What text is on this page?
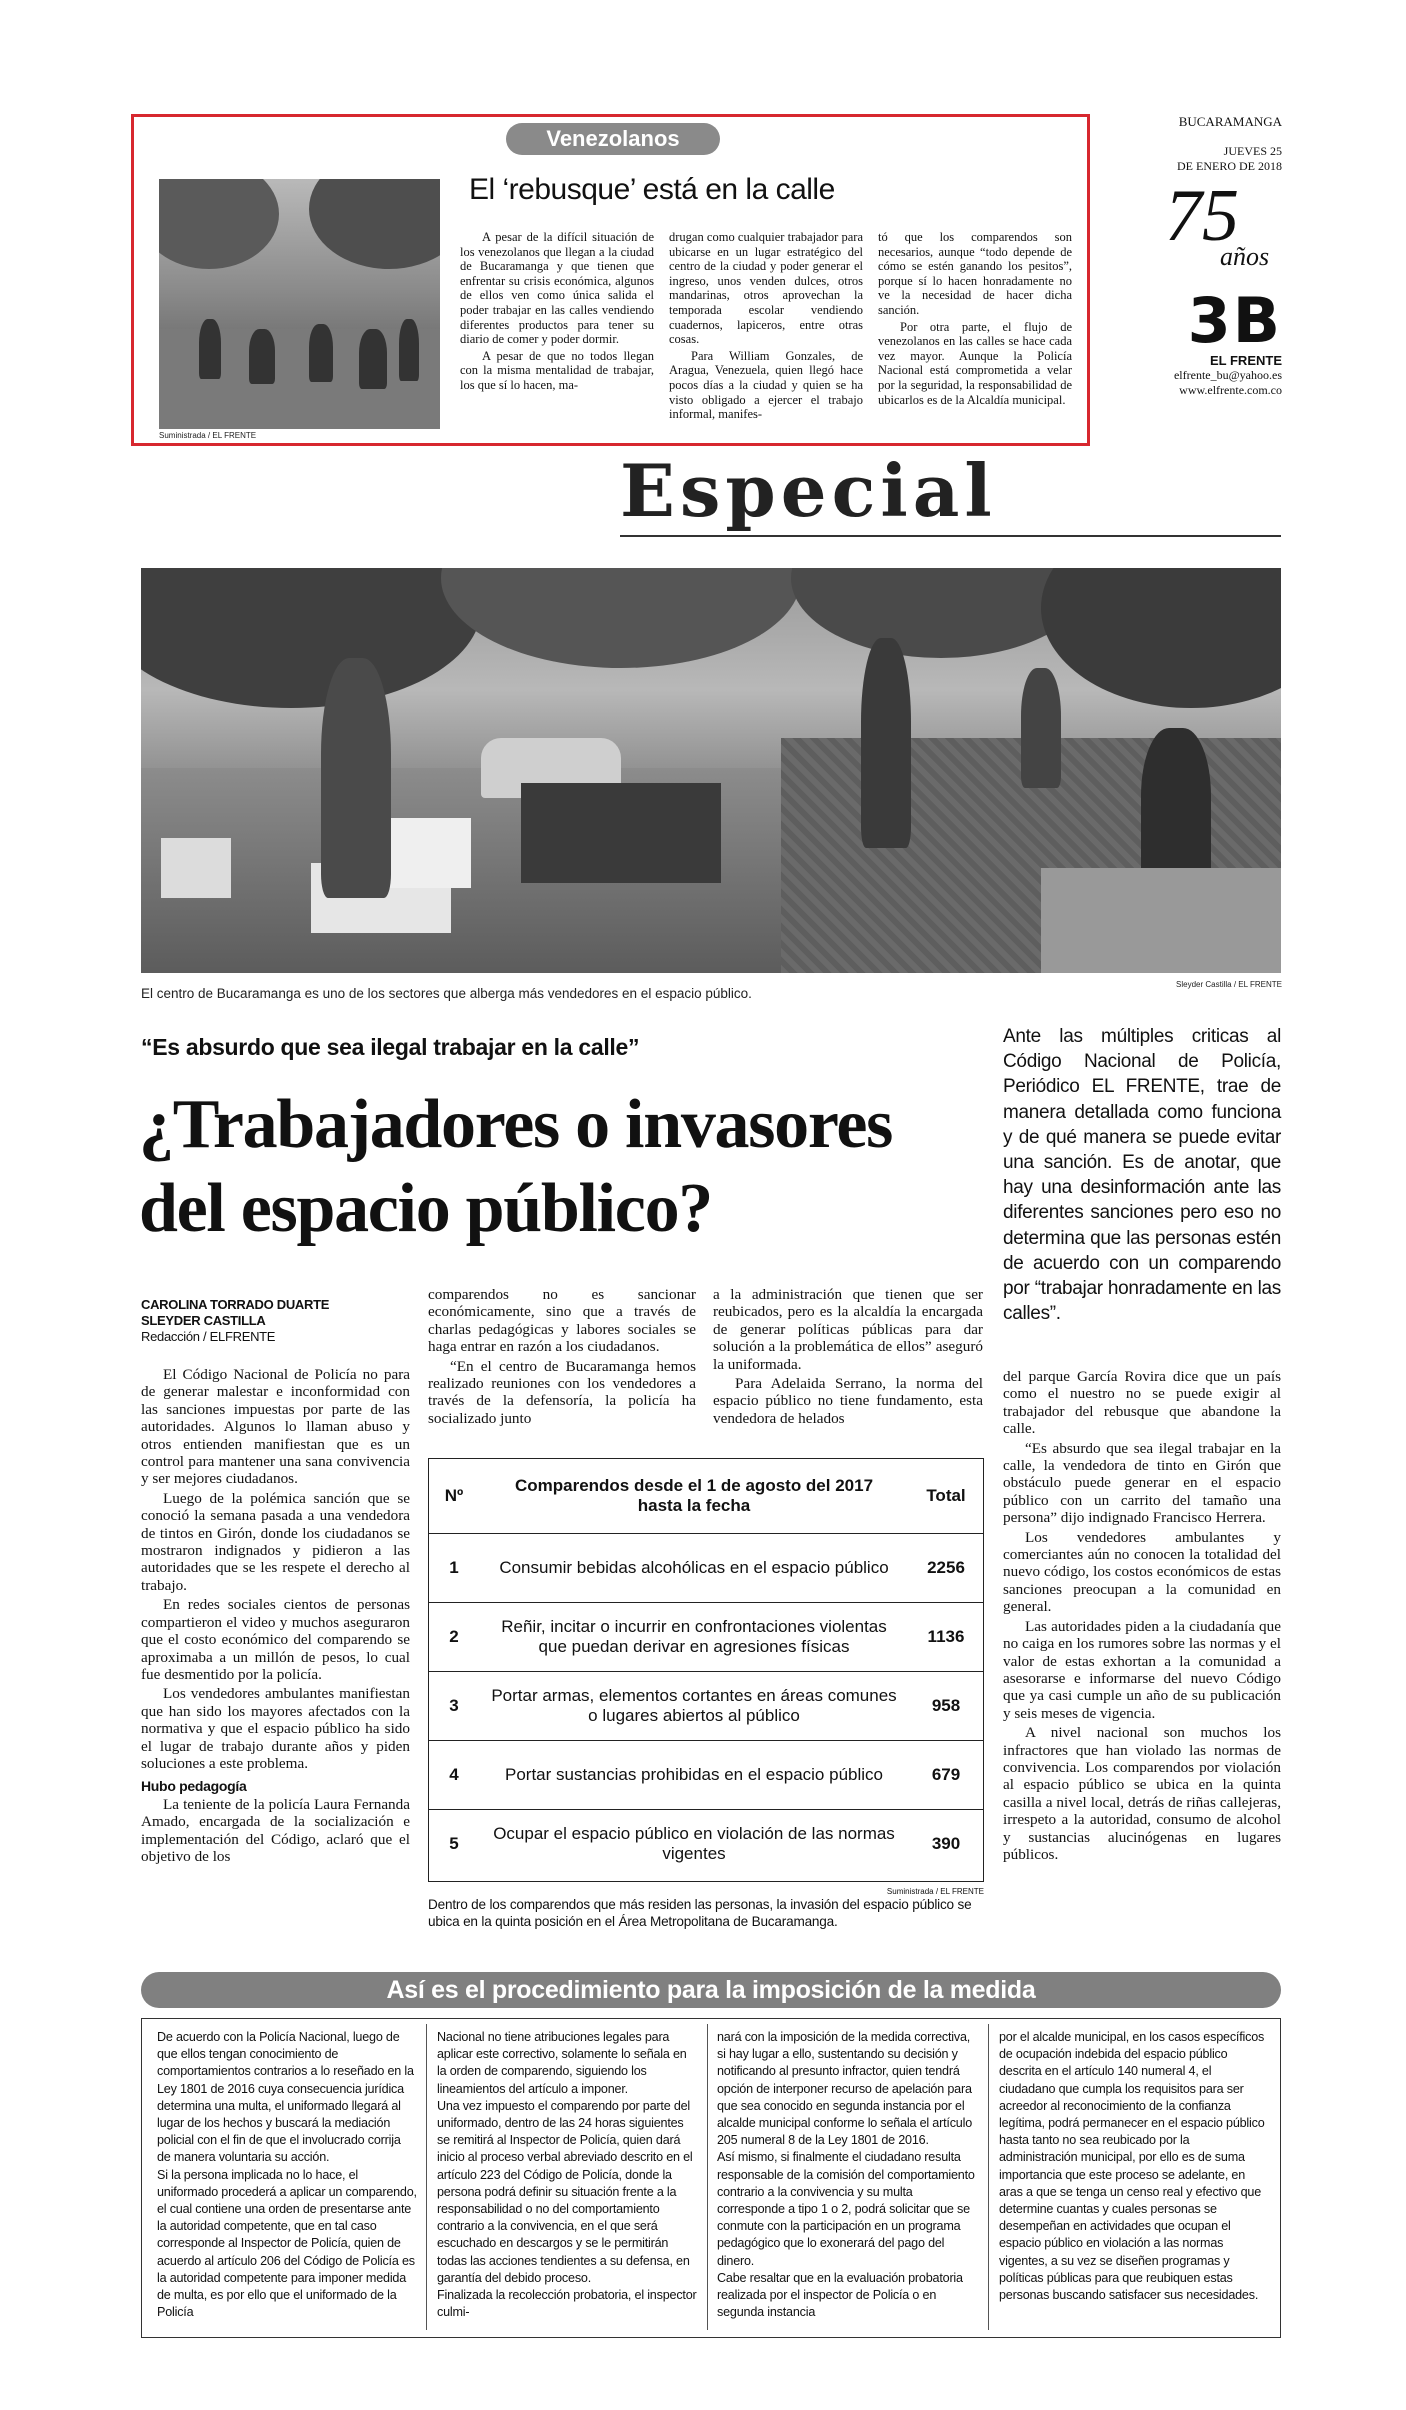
Venezolanos
Suministrada / EL FRENTE
El ‘rebusque’ está en la calle

A pesar de la difícil situación de los venezolanos que llegan a la ciudad de Bucaramanga y que tienen que enfrentar su crisis económica, algunos de ellos ven como única salida el poder trabajar en las calles vendiendo diferentes productos para tener su diario de comer y poder dormir.

A pesar de que no todos llegan con la misma mentalidad de trabajar, los que sí lo hacen, ma-

drugan como cualquier trabajador para ubicarse en un lugar estratégico del centro de la ciudad y poder generar el ingreso, unos venden dulces, otros mandarinas, otros aprovechan la temporada escolar vendiendo cuadernos, lapiceros, entre otras cosas.

Para William Gonzales, de Aragua, Venezuela, quien llegó hace pocos días a la ciudad y quien se ha visto obligado a ejercer el trabajo informal, manifes-

tó que los comparendos son necesarios, aunque “todo depende de cómo se estén ganando los pesitos”, porque sí lo hacen honradamente no ve la necesidad de hacer dicha sanción.

Por otra parte, el flujo de venezolanos en las calles se hace cada vez mayor. Aunque la Policía Nacional está comprometida a velar por la seguridad, la responsabilidad de ubicarlos es de la Alcaldía municipal.

BUCARAMANGA
JUEVES 25
DE ENERO DE 2018
75
años
3B
EL FRENTE
elfrente_bu@yahoo.es
www.elfrente.com.co
Especial
El centro de Bucaramanga es uno de los sectores que alberga más vendedores en el espacio público.
Sleyder Castilla / EL FRENTE
“Es absurdo que sea ilegal trabajar en la calle”
¿Trabajadores o invasores
del espacio público?
Ante las múltiples criticas al Código Nacional de Policía, Periódico EL FRENTE, trae de manera detallada como funciona y de qué manera se puede evitar una sanción. Es de anotar, que hay una desinformación ante las diferentes sanciones pero eso no determina que las personas estén de acuerdo con un comparendo por “trabajar honradamente en las calles”.
CAROLINA TORRADO DUARTE
SLEYDER CASTILLA
Redacción / ELFRENTE

El Código Nacional de Policía no para de generar malestar e inconformidad con las sanciones impuestas por parte de las autoridades. Algunos lo llaman abuso y otros entienden manifiestan que es un control para mantener una sana convivencia y ser mejores ciudadanos.

Luego de la polémica sanción que se conoció la semana pasada a una vendedora de tintos en Girón, donde los ciudadanos se mostraron indignados y pidieron a las autoridades que se les respete el derecho al trabajo.

En redes sociales cientos de personas compartieron el video y muchos aseguraron que el costo económico del comparendo se aproximaba a un millón de pesos, lo cual fue desmentido por la policía.

Los vendedores ambulantes manifiestan que han sido los mayores afectados con la normativa y que el espacio público ha sido el lugar de trabajo durante años y piden soluciones a este problema.

Hubo pedagogía

La teniente de la policía Laura Fernanda Amado, encargada de la socialización e implementación del Código, aclaró que el objetivo de los

comparendos no es sancionar económicamente, sino que a través de charlas pedagógicas y labores sociales se haga entrar en razón a los ciudadanos.

“En el centro de Bucaramanga hemos realizado reuniones con los vendedores a través de la defensoría, la policía ha socializado junto

a la administración que tienen que ser reubicados, pero es la alcaldía la encargada de generar políticas públicas para dar solución a la problemática de ellos” aseguró la uniformada.

Para Adelaida Serrano, la norma del espacio público no tiene fundamento, esta vendedora de helados

del parque García Rovira dice que un país como el nuestro no se puede exigir al trabajador del rebusque que abandone la calle.

“Es absurdo que sea ilegal trabajar en la calle, la vendedora de tinto en Girón que obstáculo puede generar en el espacio público con un carrito del tamaño una persona” dijo indignado Francisco Herrera.

Los vendedores ambulantes y comerciantes aún no conocen la totalidad del nuevo código, los costos económicos de estas sanciones preocupan a la comunidad en general.

Las autoridades piden a la ciudadanía que no caiga en los rumores sobre las normas y el valor de estas exhortan a la comunidad a asesorarse e informarse del nuevo Código que ya casi cumple un año de su publicación y seis meses de vigencia.

A nivel nacional son muchos los infractores que han violado las normas de convivencia. Los comparendos por violación al espacio público se ubica en la quinta casilla a nivel local, detrás de riñas callejeras, irrespeto a la autoridad, consumo de alcohol y sustancias alucinógenas en lugares públicos.

Nº	Comparendos desde el 1 de agosto del 2017 hasta la fecha	Total
1	Consumir bebidas alcohólicas en el espacio público	2256
2	Reñir, incitar o incurrir en confrontaciones violentas que puedan derivar en agresiones físicas	1136
3	Portar armas, elementos cortantes en áreas comunes o lugares abiertos al público	958
4	Portar sustancias prohibidas en el espacio público	679
5	Ocupar el espacio público en violación de las normas vigentes	390
Suministrada / EL FRENTE
Dentro de los comparendos que más residen las personas, la invasión del espacio público se ubica en la quinta posición en el Área Metropolitana de Bucaramanga.
Así es el procedimiento para la imposición de la medida

De acuerdo con la Policía Nacional, luego de que ellos tengan conocimiento de comportamientos contrarios a lo reseñado en la Ley 1801 de 2016 cuya consecuencia jurídica determina una multa, el uniformado llegará al lugar de los hechos y buscará la mediación policial con el fin de que el involucrado corrija de manera voluntaria su acción.

Si la persona implicada no lo hace, el uniformado procederá a aplicar un comparendo, el cual contiene una orden de presentarse ante la autoridad competente, que en tal caso corresponde al Inspector de Policía, quien de acuerdo al artículo 206 del Código de Policía es la autoridad competente para imponer medida de multa, es por ello que el uniformado de la Policía

Nacional no tiene atribuciones legales para aplicar este correctivo, solamente lo señala en la orden de comparendo, siguiendo los lineamientos del artículo a imponer.

Una vez impuesto el comparendo por parte del uniformado, dentro de las 24 horas siguientes se remitirá al Inspector de Policía, quien dará inicio al proceso verbal abreviado descrito en el artículo 223 del Código de Policía, donde la persona podrá definir su situación frente a la responsabilidad o no del comportamiento contrario a la convivencia, en el que será escuchado en descargos y se le permitirán todas las acciones tendientes a su defensa, en garantía del debido proceso.

Finalizada la recolección probatoria, el inspector culmi-

nará con la imposición de la medida correctiva, si hay lugar a ello, sustentando su decisión y notificando al presunto infractor, quien tendrá opción de interponer recurso de apelación para que sea conocido en segunda instancia por el alcalde municipal conforme lo señala el artículo 205 numeral 8 de la Ley 1801 de 2016.

Así mismo, si finalmente el ciudadano resulta responsable de la comisión del comportamiento contrario a la convivencia y su multa corresponde a tipo 1 o 2, podrá solicitar que se conmute con la participación en un programa pedagógico que lo exonerará del pago del dinero.

Cabe resaltar que en la evaluación probatoria realizada por el inspector de Policía o en segunda instancia

por el alcalde municipal, en los casos específicos de ocupación indebida del espacio público descrita en el artículo 140 numeral 4, el ciudadano que cumpla los requisitos para ser acreedor al reconocimiento de la confianza legítima, podrá permanecer en el espacio público hasta tanto no sea reubicado por la administración municipal, por ello es de suma importancia que este proceso se adelante, en aras a que se tenga un censo real y efectivo que determine cuantas y cuales personas se desempeñan en actividades que ocupan el espacio público en violación a las normas vigentes, a su vez se diseñen programas y políticas públicas para que reubiquen estas personas buscando satisfacer sus necesidades.
